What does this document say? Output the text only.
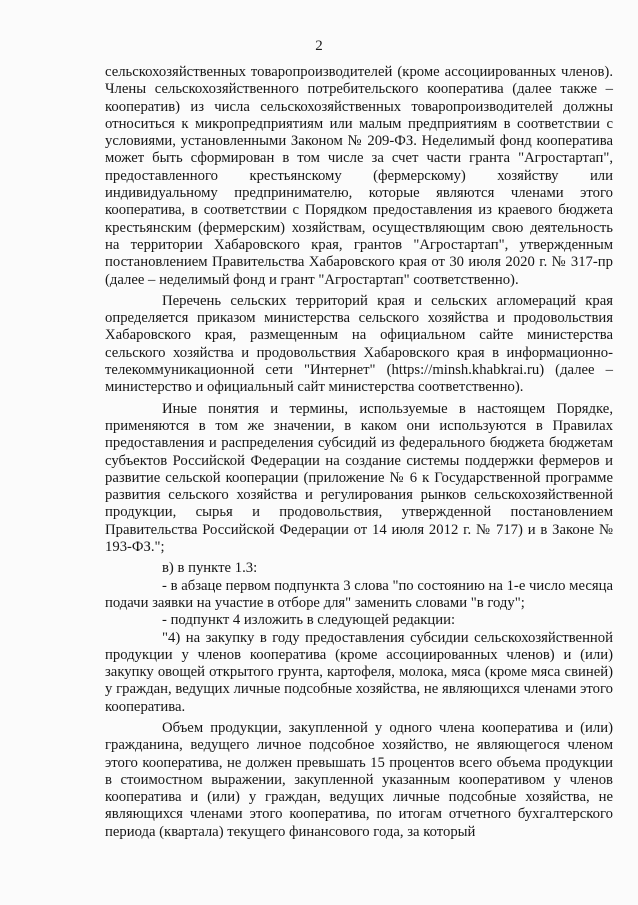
2

сельскохозяйственных товаропроизводителей (кроме ассоциированных членов). Члены сельскохозяйственного потребительского кооператива (далее также – кооператив) из числа сельскохозяйственных товаропроизводителей должны относиться к микропредприятиям или малым предприятиям в соответствии с условиями, установленными Законом № 209-ФЗ. Неделимый фонд кооператива может быть сформирован в том числе за счет части гранта "Агростартап", предоставленного крестьянскому (фермерскому) хозяйству или индивидуальному предпринимателю, которые являются членами этого кооператива, в соответствии с Порядком предоставления из краевого бюджета крестьянским (фермерским) хозяйствам, осуществляющим свою деятельность на территории Хабаровского края, грантов "Агростартап", утвержденным постановлением Правительства Хабаровского края от 30 июля 2020 г. № 317-пр (далее – неделимый фонд и грант "Агростартап" соответственно).

Перечень сельских территорий края и сельских агломераций края определяется приказом министерства сельского хозяйства и продовольствия Хабаровского края, размещенным на официальном сайте министерства сельского хозяйства и продовольствия Хабаровского края в информационно-телекоммуникационной сети "Интернет" (https://minsh.khabkrai.ru) (далее – министерство и официальный сайт министерства соответственно).

Иные понятия и термины, используемые в настоящем Порядке, применяются в том же значении, в каком они используются в Правилах предоставления и распределения субсидий из федерального бюджета бюджетам субъектов Российской Федерации на создание системы поддержки фермеров и развитие сельской кооперации (приложение № 6 к Государственной программе развития сельского хозяйства и регулирования рынков сельскохозяйственной продукции, сырья и продовольствия, утвержденной постановлением Правительства Российской Федерации от 14 июля 2012 г. № 717) и в Законе № 193-ФЗ.";

в) в пункте 1.3:

- в абзаце первом подпункта 3 слова "по состоянию на 1-е число месяца подачи заявки на участие в отборе для" заменить словами "в году";

- подпункт 4 изложить в следующей редакции:

"4) на закупку в году предоставления субсидии сельскохозяйственной продукции у членов кооператива (кроме ассоциированных членов) и (или) закупку овощей открытого грунта, картофеля, молока, мяса (кроме мяса свиней) у граждан, ведущих личные подсобные хозяйства, не являющихся членами этого кооператива.

Объем продукции, закупленной у одного члена кооператива и (или) гражданина, ведущего личное подсобное хозяйство, не являющегося членом этого кооператива, не должен превышать 15 процентов всего объема продукции в стоимостном выражении, закупленной указанным кооперативом у членов кооператива и (или) у граждан, ведущих личные подсобные хозяйства, не являющихся членами этого кооператива, по итогам отчетного бухгалтерского периода (квартала) текущего финансового года, за который
